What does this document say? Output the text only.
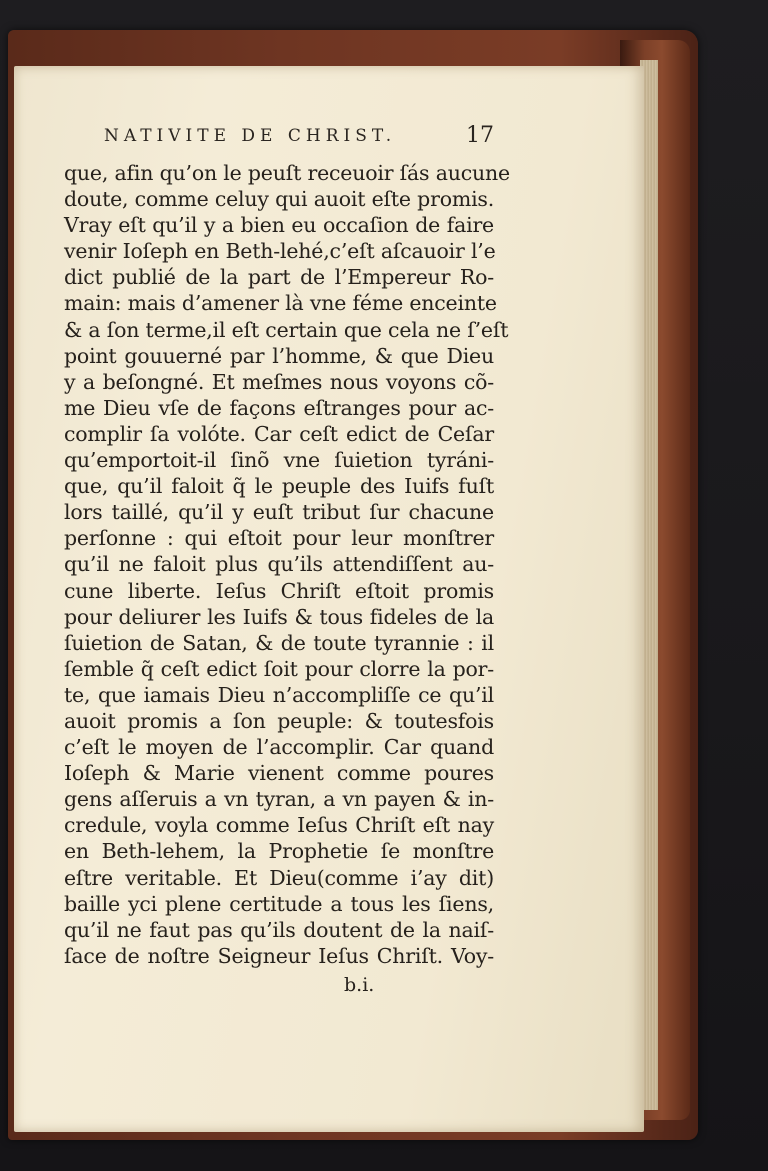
NATIVITE DE CHRIST.	17
que, afin qu’on le peuſt receuoir ſás aucune
doute, comme celuy qui auoit eſte promis.
Vray eſt qu’il y a bien eu occaſion de faire
venir Ioſeph en Beth-lehé,c’eſt aſcauoir l’e
dict publié de la part de l’Empereur Ro-
main: mais d’amener là vne féme enceinte
& a ſon terme,il eſt certain que cela ne ſ’eſt
point gouuerné par l’homme, & que Dieu
y a beſongné. Et meſmes nous voyons cõ-
me Dieu vſe de façons eſtranges pour ac-
complir ſa volóte. Car ceſt edict de Ceſar
qu’emportoit-il ſinõ vne ſuietion tyráni-
que, qu’il faloit q̃ le peuple des Iuifs fuſt
lors taillé, qu’il y euſt tribut ſur chacune
perſonne : qui eſtoit pour leur monſtrer
qu’il ne faloit plus qu’ils attendiſſent au-
cune liberte. Ieſus Chriſt eſtoit promis
pour deliurer les Iuifs & tous fideles de la
ſuietion de Satan, & de toute tyrannie : il
ſemble q̃ ceſt edict ſoit pour clorre la por-
te, que iamais Dieu n’accompliſſe ce qu’il
auoit promis a ſon peuple: & toutesfois
c’eſt le moyen de l’accomplir. Car quand
Ioſeph & Marie vienent comme poures
gens aſſeruis a vn tyran, a vn payen & in-
credule, voyla comme Ieſus Chriſt eſt nay
en Beth-lehem, la Prophetie ſe monſtre
eſtre veritable. Et Dieu(comme i’ay dit)
baille yci plene certitude a tous les ſiens,
qu’il ne faut pas qu’ils doutent de la naiſ-
ſace de noſtre Seigneur Ieſus Chriſt. Voy-
b.i.
